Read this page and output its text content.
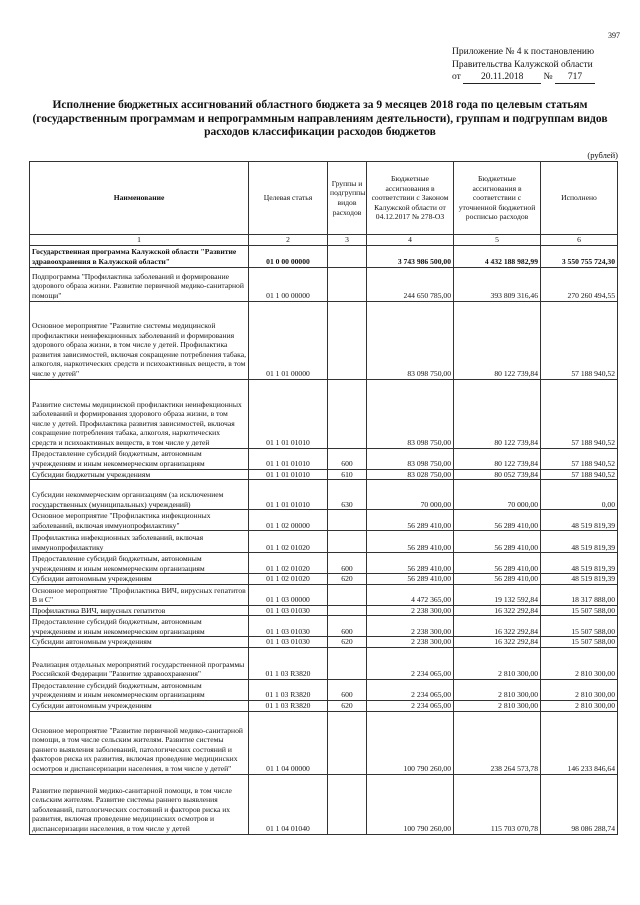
397
Приложение № 4 к постановлению
Правительства Калужской области
от 20.11.2018 № 717
Исполнение бюджетных ассигнований областного бюджета за 9 месяцев 2018 года по целевым статьям
(государственным программам и непрограммным направлениям деятельности), группам и подгруппам видов
расходов классификации расходов бюджетов
(рублей)
Наименование	Целевая статья	Группы и подгруппы видов расходов	Бюджетные ассигнования в соответствии с Законом Калужской области от 04.12.2017 № 278-ОЗ	Бюджетные ассигнования в соответствии с уточненной бюджетной росписью расходов	Исполнено
1	2	3	4	5	6
Государственная программа Калужской области "Развитие здравоохранения в Калужской области"	01 0 00 00000		3 743 986 500,00	4 432 188 982,99	3 550 755 724,30
Подпрограмма "Профилактика заболеваний и формирование здорового образа жизни. Развитие первичной медико-санитарной помощи"	01 1 00 00000		244 650 785,00	393 809 316,46	270 260 494,55
Основное мероприятие "Развитие системы медицинской профилактики неинфекционных заболеваний и формирования здорового образа жизни, в том числе у детей. Профилактика развития зависимостей, включая сокращение потребления табака, алкоголя, наркотических средств и психоактивных веществ, в том числе у детей"	01 1 01 00000		83 098 750,00	80 122 739,84	57 188 940,52
Развитие системы медицинской профилактики неинфекционных заболеваний и формирования здорового образа жизни, в том числе у детей. Профилактика развития зависимостей, включая сокращение потребления табака, алкоголя, наркотических средств и психоактивных веществ, в том числе у детей	01 1 01 01010		83 098 750,00	80 122 739,84	57 188 940,52
Предоставление субсидий бюджетным, автономным учреждениям и иным некоммерческим организациям	01 1 01 01010	600	83 098 750,00	80 122 739,84	57 188 940,52
Субсидии бюджетным учреждениям	01 1 01 01010	610	83 028 750,00	80 052 739,84	57 188 940,52
Субсидии некоммерческим организациям (за исключением государственных (муниципальных) учреждений)	01 1 01 01010	630	70 000,00	70 000,00	0,00
Основное мероприятие "Профилактика инфекционных заболеваний, включая иммунопрофилактику"	01 1 02 00000		56 289 410,00	56 289 410,00	48 519 819,39
Профилактика инфекционных заболеваний, включая иммунопрофилактику	01 1 02 01020		56 289 410,00	56 289 410,00	48 519 819,39
Предоставление субсидий бюджетным, автономным учреждениям и иным некоммерческим организациям	01 1 02 01020	600	56 289 410,00	56 289 410,00	48 519 819,39
Субсидии автономным учреждениям	01 1 02 01020	620	56 289 410,00	56 289 410,00	48 519 819,39
Основное мероприятие "Профилактика ВИЧ, вирусных гепатитов В и С"	01 1 03 00000		4 472 365,00	19 132 592,84	18 317 888,00
Профилактика ВИЧ, вирусных гепатитов	01 1 03 01030		2 238 300,00	16 322 292,84	15 507 588,00
Предоставление субсидий бюджетным, автономным учреждениям и иным некоммерческим организациям	01 1 03 01030	600	2 238 300,00	16 322 292,84	15 507 588,00
Субсидии автономным учреждениям	01 1 03 01030	620	2 238 300,00	16 322 292,84	15 507 588,00
Реализация отдельных мероприятий государственной программы Российской Федерации "Развитие здравоохранения"	01 1 03 R3820		2 234 065,00	2 810 300,00	2 810 300,00
Предоставление субсидий бюджетным, автономным учреждениям и иным некоммерческим организациям	01 1 03 R3820	600	2 234 065,00	2 810 300,00	2 810 300,00
Субсидии автономным учреждениям	01 1 03 R3820	620	2 234 065,00	2 810 300,00	2 810 300,00
Основное мероприятие "Развитие первичной медико-санитарной помощи, в том числе сельским жителям. Развитие системы раннего выявления заболеваний, патологических состояний и факторов риска их развития, включая проведение медицинских осмотров и диспансеризации населения, в том числе у детей"	01 1 04 00000		100 790 260,00	238 264 573,78	146 233 846,64
Развитие первичной медико-санитарной помощи, в том числе сельским жителям. Развитие системы раннего выявления заболеваний, патологических состояний и факторов риска их развития, включая проведение медицинских осмотров и диспансеризации населения, в том числе у детей	01 1 04 01040		100 790 260,00	115 703 070,78	98 086 288,74
